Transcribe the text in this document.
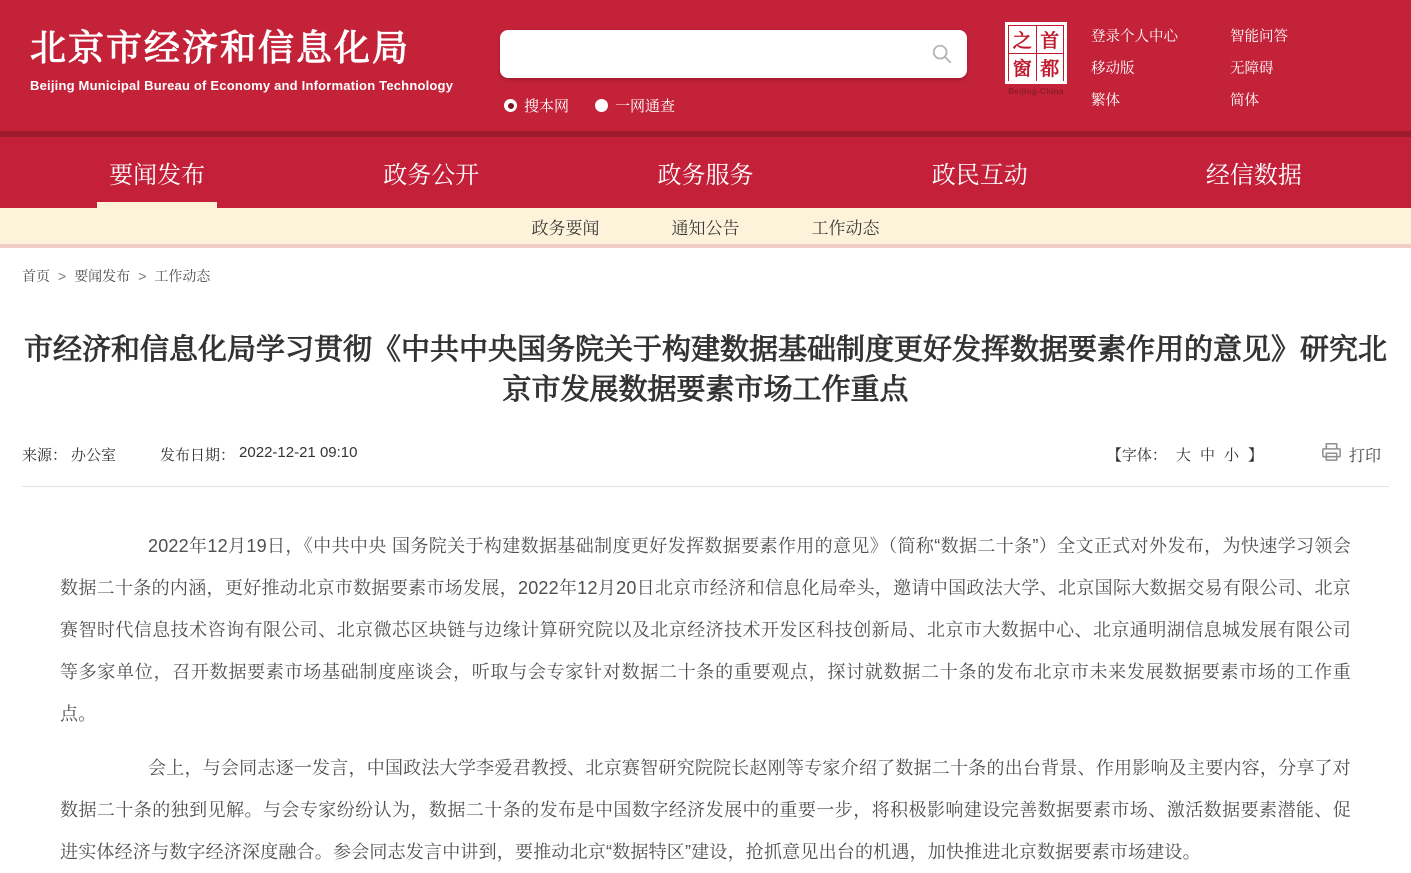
北京市经济和信息化局
Beijing Municipal Bureau of Economy and Information Technology
搜本网	一网通查
之 首
窗 都
Beijing-China
登录个人中心
移动版
繁体
智能问答
无障碍
简体
要闻发布	政务公开	政务服务	政民互动	经信数据
政务要闻	通知公告	工作动态
首页 > 要闻发布 > 工作动态
市经济和信息化局学习贯彻《中共中央国务院关于构建数据基础制度更好发挥数据要素作用的意见》研究北京市发展数据要素市场工作重点
来源： 办公室	发布日期： 2022-12-21 09:10	【字体： 大 中 小 】	打印

2022年12月19日，《中共中央 国务院关于构建数据基础制度更好发挥数据要素作用的意见》（简称“数据二十条”）全文正式对外发布，为快速学习领会数据二十条的内涵，更好推动北京市数据要素市场发展，2022年12月20日北京市经济和信息化局牵头，邀请中国政法大学、北京国际大数据交易有限公司、北京赛智时代信息技术咨询有限公司、北京微芯区块链与边缘计算研究院以及北京经济技术开发区科技创新局、北京市大数据中心、北京通明湖信息城发展有限公司等多家单位，召开数据要素市场基础制度座谈会，听取与会专家针对数据二十条的重要观点，探讨就数据二十条的发布北京市未来发展数据要素市场的工作重点。

会上，与会同志逐一发言，中国政法大学李爱君教授、北京赛智研究院院长赵刚等专家介绍了数据二十条的出台背景、作用影响及主要内容，分享了对数据二十条的独到见解。与会专家纷纷认为，数据二十条的发布是中国数字经济发展中的重要一步，将积极影响建设完善数据要素市场、激活数据要素潜能、促进实体经济与数字经济深度融合。参会同志发言中讲到，要推动北京“数据特区”建设，抢抓意见出台的机遇，加快推进北京数据要素市场建设。
